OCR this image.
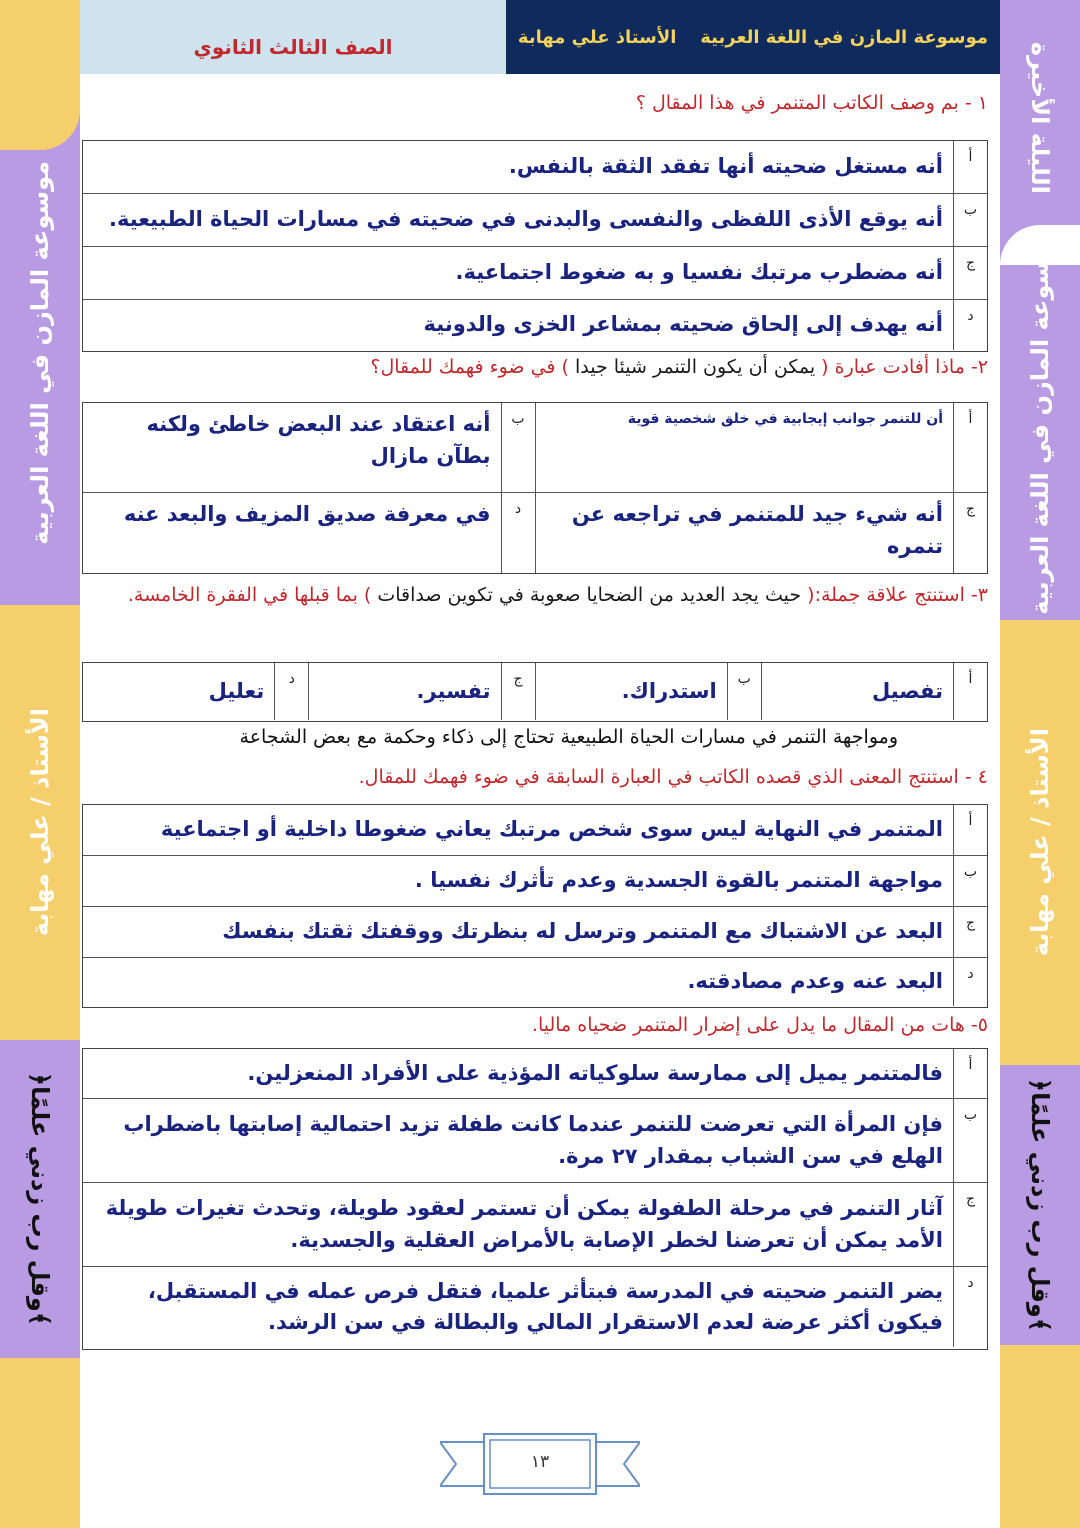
الصف الثالث الثانوي	موسوعة المازن في اللغة العربية
الأستاذ علي مهابة
موسوعة المازن في اللغة العربية
الأستاذ / علي مهابة
﴿وقل رب زدني علمًا﴾
الليلة الأخيرة
موسوعة المازن في اللغة العربية
الأستاذ / علي مهابة
﴿وقل رب زدني علمًا﴾
١ - بم وصف الكاتب المتنمر في هذا المقال ؟
أ
أنه مستغل ضحيته أنها تفقد الثقة بالنفس.
ب
أنه يوقع الأذى اللفظى والنفسى والبدنى في ضحيته في مسارات الحياة الطبيعية.
ج
أنه مضطرب مرتبك نفسيا و به ضغوط اجتماعية.
د
أنه يهدف إلى إلحاق ضحيته بمشاعر الخزى والدونية
٢- ماذا أفادت عبارة ( يمكن أن يكون التنمر شيئا جيدا ) في ضوء فهمك للمقال؟
أ
أن للتنمر جوانب إيجابية في خلق شخصية قوية
ب
أنه اعتقاد عند البعض خاطئ ولكنه بطآن مازال
ج
أنه شيء جيد للمتنمر في تراجعه عن تنمره
د
في معرفة صديق المزيف والبعد عنه
٣- استنتج علاقة جملة:( حيث يجد العديد من الضحايا صعوبة في تكوين صداقات ) بما قبلها في الفقرة الخامسة.
أ
تفصيل
ب
استدراك.
ج
تفسير.
د
تعليل
ومواجهة التنمر في مسارات الحياة الطبيعية تحتاج إلى ذكاء وحكمة مع بعض الشجاعة
٤ - استنتج المعنى الذي قصده الكاتب في العبارة السابقة في ضوء فهمك للمقال.
أ
المتنمر في النهاية ليس سوى شخص مرتبك يعاني ضغوطا داخلية أو اجتماعية
ب
مواجهة المتنمر بالقوة الجسدية وعدم تأثرك نفسيا .
ج
البعد عن الاشتباك مع المتنمر وترسل له بنظرتك ووقفتك ثقتك بنفسك
د
البعد عنه وعدم مصادقته.
٥- هات من المقال ما يدل على إضرار المتنمر ضحياه ماليا.
أ
فالمتنمر يميل إلى ممارسة سلوكياته المؤذية على الأفراد المنعزلين.
ب
فإن المرأة التي تعرضت للتنمر عندما كانت طفلة تزيد احتمالية إصابتها باضطراب الهلع في سن الشباب بمقدار ٢٧ مرة.
ج
آثار التنمر في مرحلة الطفولة يمكن أن تستمر لعقود طويلة، وتحدث تغيرات طويلة الأمد يمكن أن تعرضنا لخطر الإصابة بالأمراض العقلية والجسدية.
د
يضر التنمر ضحيته في المدرسة فبتأثر علميا، فتقل فرص عمله في المستقبل، فيكون أكثر عرضة لعدم الاستقرار المالي والبطالة في سن الرشد.
١٣
